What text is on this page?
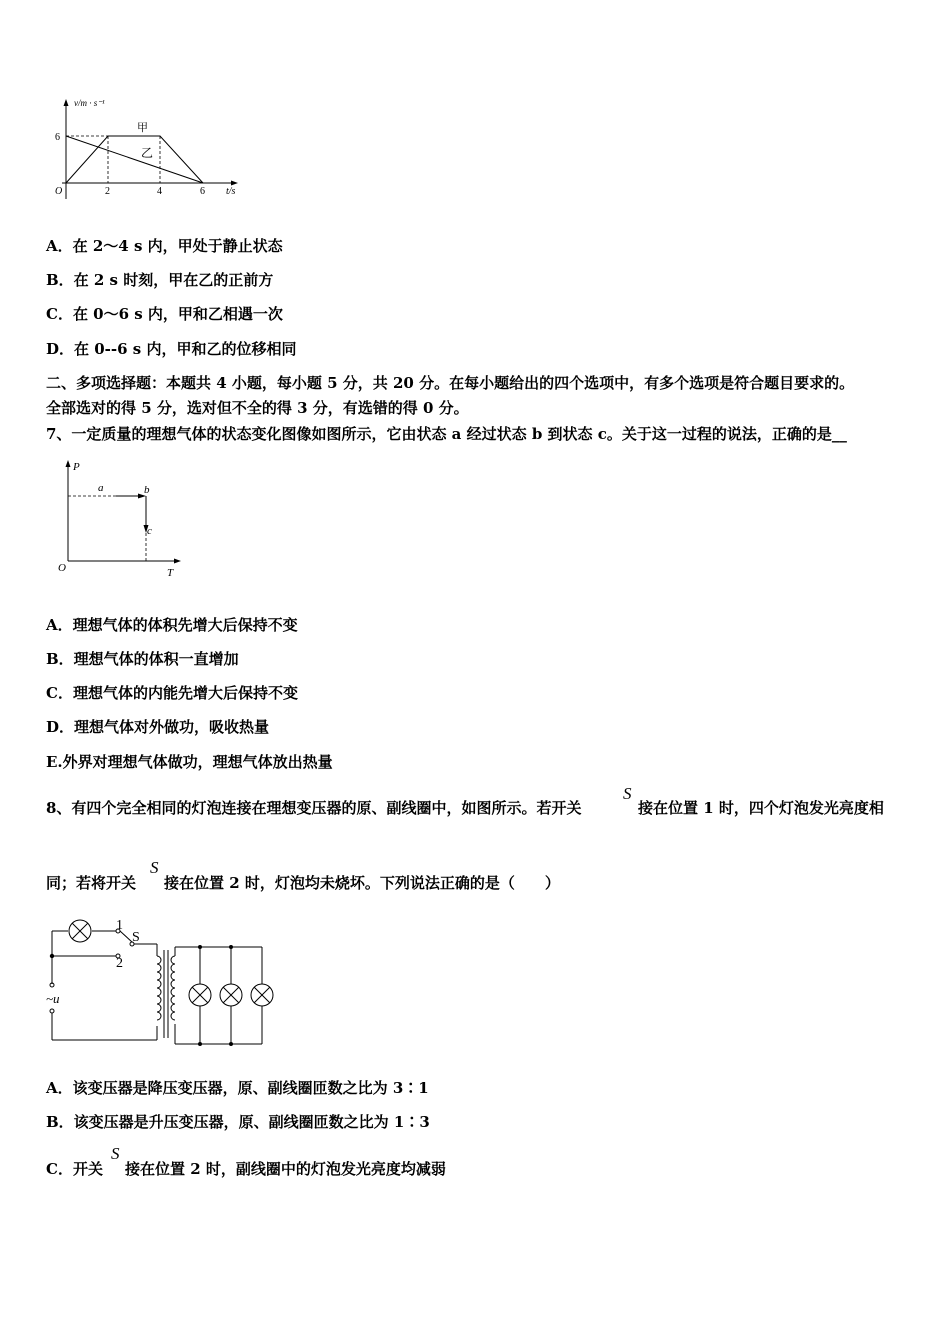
v/m · s⁻¹
6
O	2	4	6 t/s
甲
乙
A．在 2～4 s 内，甲处于静止状态
B．在 2 s 时刻，甲在乙的正前方
C．在 0～6 s 内，甲和乙相遇一次
D．在 0--6 s 内，甲和乙的位移相同
二、多项选择题：本题共 4 小题，每小题 5 分，共 20 分。在每小题给出的四个选项中，有多个选项是符合题目要求的。
全部选对的得 5 分，选对但不全的得 3 分，有选错的得 0 分。
7、一定质量的理想气体的状态变化图像如图所示，它由状态 a 经过状态 b 到状态 c。关于这一过程的说法，正确的是__
P
O	T
a	b
c
A．理想气体的体积先增大后保持不变
B．理想气体的体积一直增加
C．理想气体的内能先增大后保持不变
D．理想气体对外做功，吸收热量
E.外界对理想气体做功，理想气体放出热量
8、有四个完全相同的灯泡连接在理想变压器的原、副线圈中，如图所示。若开关
S
接在位置 1 时，四个灯泡发光亮度相
同；若将开关
S
接在位置 2 时，灯泡均未烧坏。下列说法正确的是（　　）
1
2
S
~u
A．该变压器是降压变压器，原、副线圈匝数之比为 3∶1
B．该变压器是升压变压器，原、副线圈匝数之比为 1∶3
C．开关
S
接在位置 2 时，副线圈中的灯泡发光亮度均减弱
